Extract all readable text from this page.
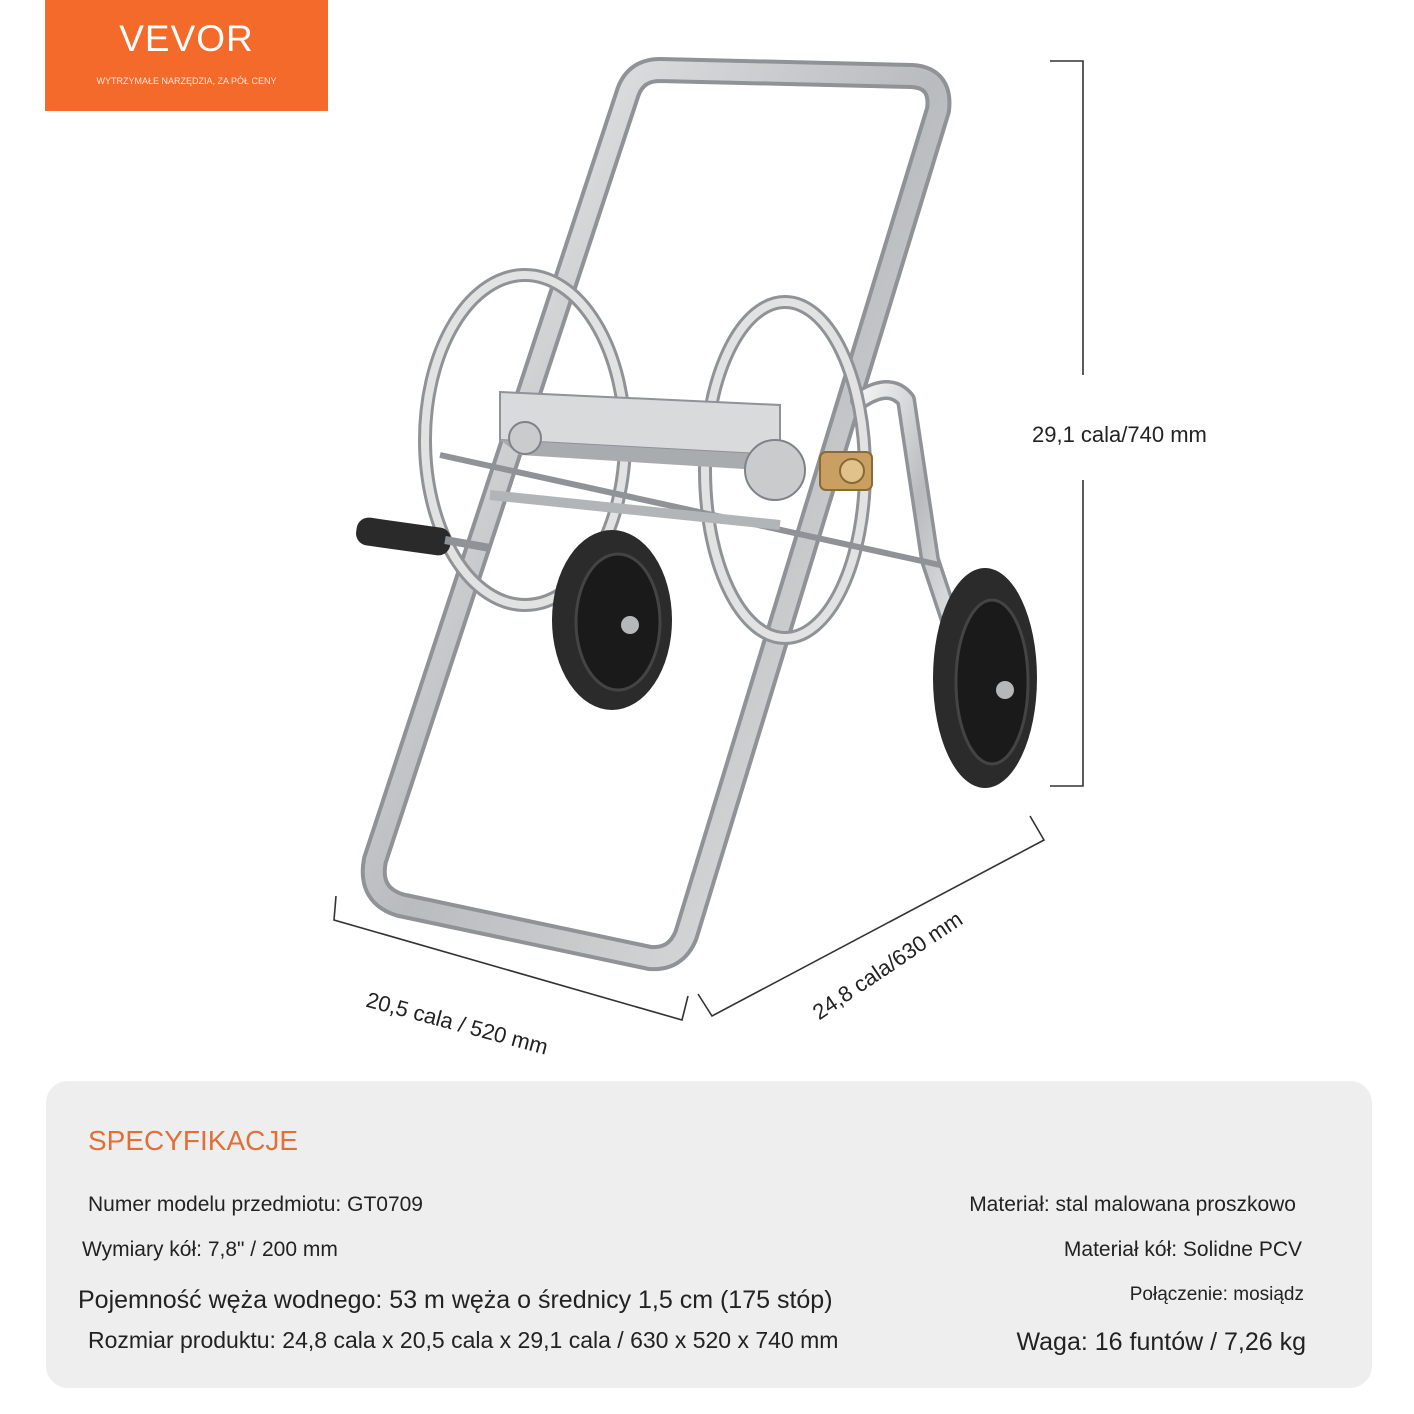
VEVOR	®
WYTRZYMAŁE NARZĘDZIA, ZA PÓŁ CENY
29,1 cala/740 mm
20,5 cala / 520 mm	24,8 cala/630 mm
SPECYFIKACJE
Numer modelu przedmiotu: GT0709
Wymiary kół: 7,8" / 200 mm
Pojemność węża wodnego: 53 m węża o średnicy 1,5 cm (175 stóp)
Rozmiar produktu: 24,8 cala x 20,5 cala x 29,1 cala / 630 x 520 x 740 mm
Materiał: stal malowana proszkowo
Materiał kół: Solidne PCV
Połączenie: mosiądz
Waga: 16 funtów / 7,26 kg
